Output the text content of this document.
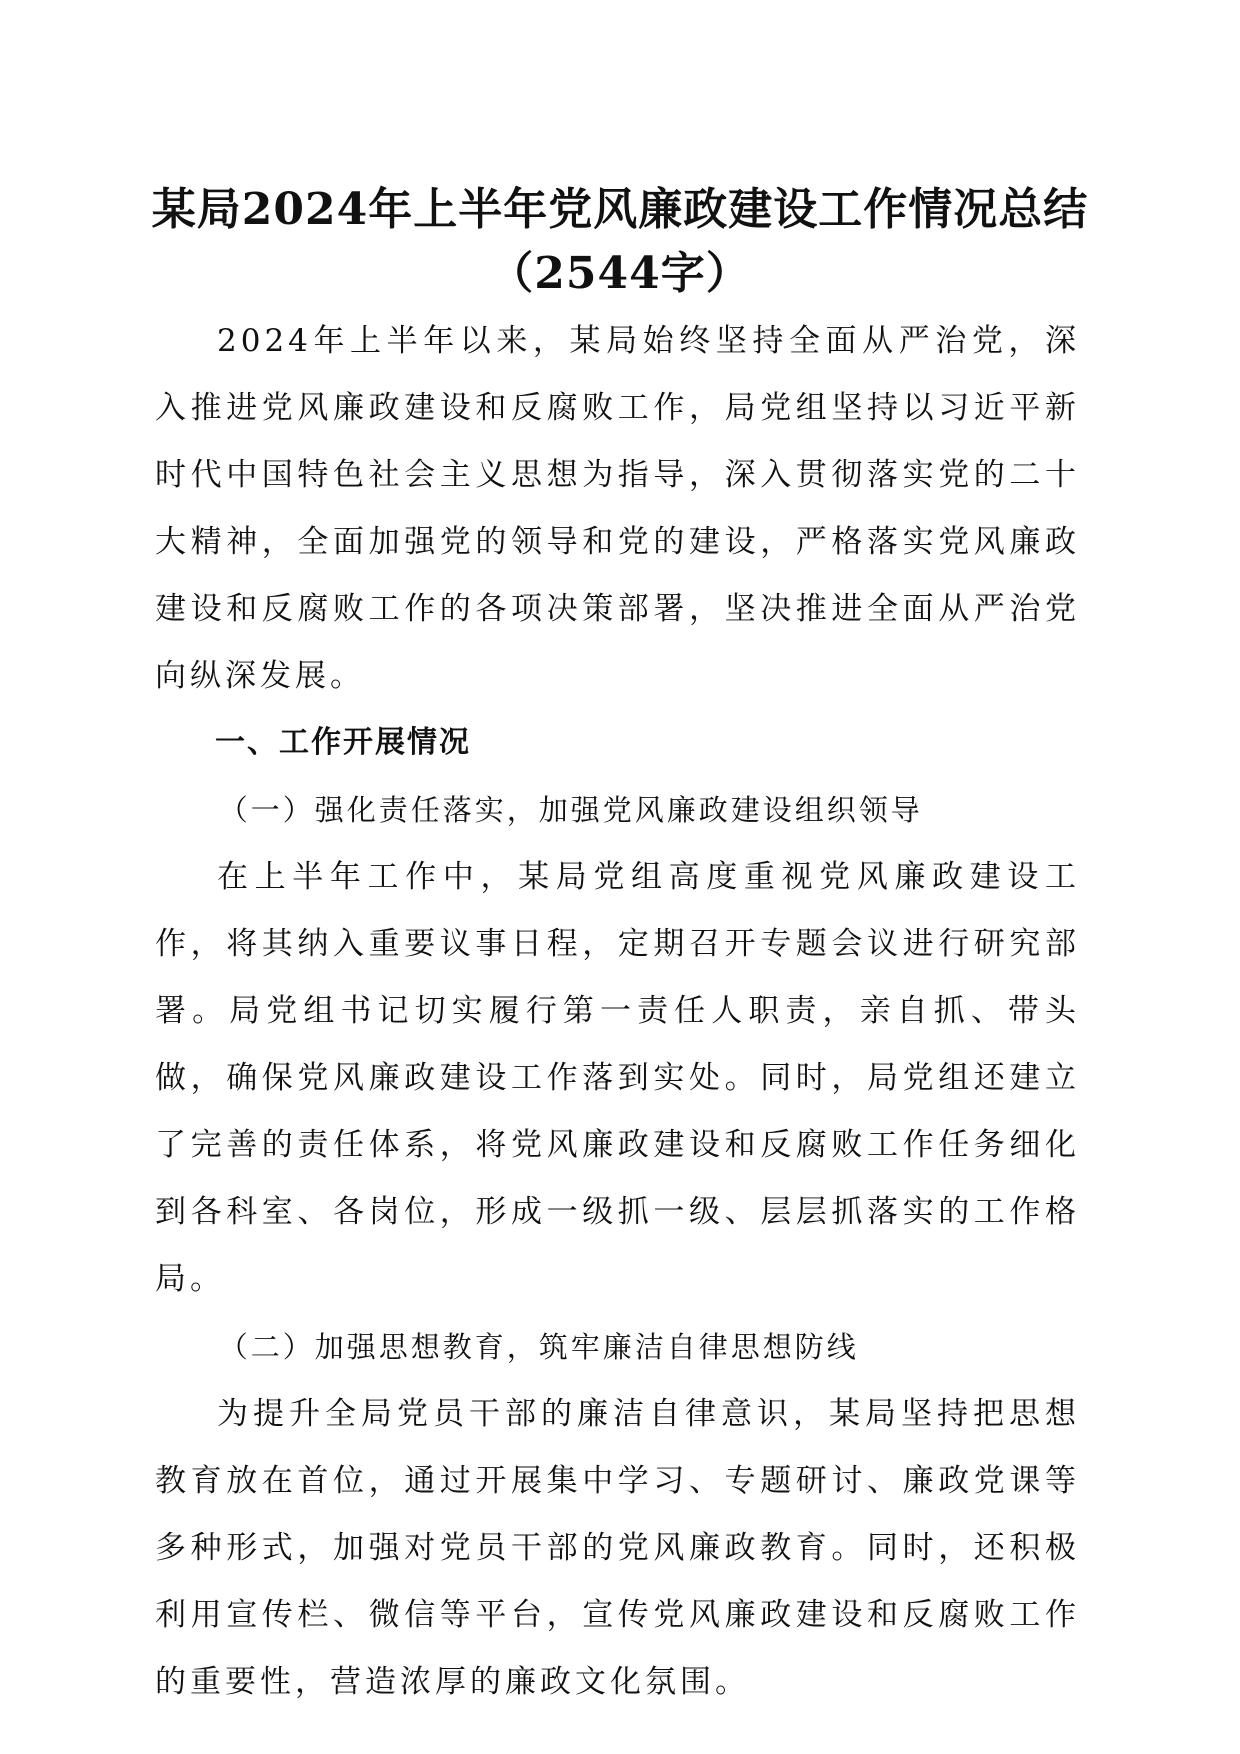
某局2024年上半年党风廉政建设工作情况总结（2544字）

2024年上半年以来，某局始终坚持全面从严治党，深入推进党风廉政建设和反腐败工作，局党组坚持以习近平新时代中国特色社会主义思想为指导，深入贯彻落实党的二十大精神，全面加强党的领导和党的建设，严格落实党风廉政建设和反腐败工作的各项决策部署，坚决推进全面从严治党向纵深发展。

一、工作开展情况
（一）强化责任落实，加强党风廉政建设组织领导

在上半年工作中，某局党组高度重视党风廉政建设工作，将其纳入重要议事日程，定期召开专题会议进行研究部署。局党组书记切实履行第一责任人职责，亲自抓、带头做，确保党风廉政建设工作落到实处。同时，局党组还建立了完善的责任体系，将党风廉政建设和反腐败工作任务细化到各科室、各岗位，形成一级抓一级、层层抓落实的工作格局。

（二）加强思想教育，筑牢廉洁自律思想防线

为提升全局党员干部的廉洁自律意识，某局坚持把思想教育放在首位，通过开展集中学习、专题研讨、廉政党课等多种形式，加强对党员干部的党风廉政教育。同时，还积极利用宣传栏、微信等平台，宣传党风廉政建设和反腐败工作的重要性，营造浓厚的廉政文化氛围。
